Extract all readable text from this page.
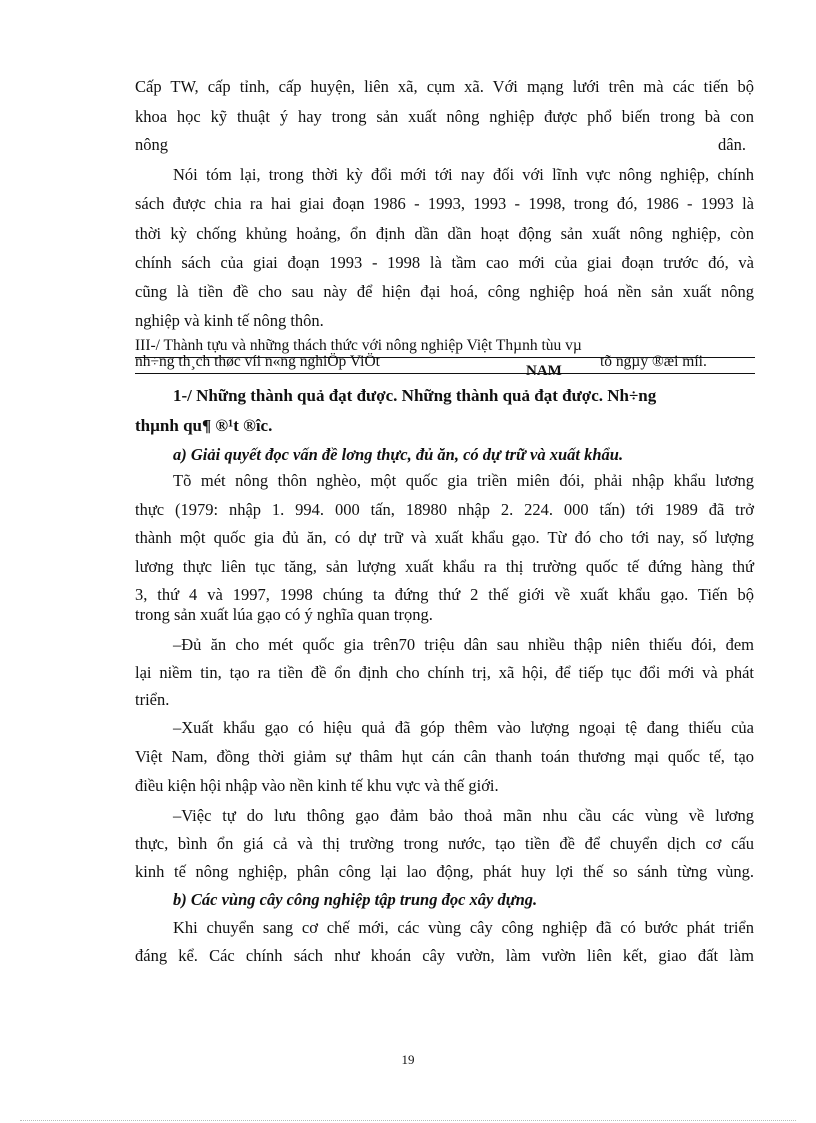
Cấp TW, cấp tỉnh, cấp huyện, liên xã, cụm xã. Với mạng lưới trên mà các tiến bộ
khoa học kỹ thuật ý hay trong sản xuất nông nghiệp được phổ biến trong bà con
nông	dân.
Nói tóm lại, trong thời kỳ đổi mới tới nay đối với lĩnh vực nông nghiệp, chính
sách được chia ra hai giai đoạn 1986 - 1993, 1993 - 1998, trong đó, 1986 - 1993 là
thời kỳ chống khủng hoảng, ổn định dần dần hoạt động sản xuất nông nghiệp, còn
chính sách của giai đoạn 1993 - 1998 là tầm cao mới của giai đoạn trước đó, và
cũng là tiền đề cho sau này để hiện đại hoá, công nghiệp hoá nền sản xuất nông
nghiệp và kinh tế nông thôn.
III-/ Thành tựu và những thách thức với nông nghiệp Việt Thµnh tùu vµ
nh÷ng th¸ch thøc víi n«ng nghiÖp ViÖt
NAM
tõ ngµy ®æi míi.
1-/ Những thành quả đạt được. Những thành quả đạt được. Nh÷ng
thµnh qu¶ ®¹t ®îc.
a) Giải quyết đọc vấn đề lơng thực, đủ ăn, có dự trữ và xuất khẩu.
Tõ mét nông thôn nghèo, một quốc gia triền miên đói, phải nhập khẩu lương
thực (1979: nhập 1. 994. 000 tấn, 18980 nhập 2. 224. 000 tấn) tới 1989 đã trở
thành một quốc gia đủ ăn, có dự trữ và xuất khẩu gạo. Từ đó cho tới nay, số lượng
lương thực liên tục tăng, sản lượng xuất khẩu ra thị trường quốc tế đứng hàng thứ
3, thứ 4 và 1997, 1998 chúng ta đứng thứ 2 thế giới về xuất khẩu gạo. Tiến bộ
trong sản xuất lúa gạo có ý nghĩa quan trọng.
–Đủ ăn cho mét quốc gia trên70 triệu dân sau nhiều thập niên thiếu đói, đem
lại niềm tin, tạo ra tiền đề ổn định cho chính trị, xã hội, để tiếp tục đổi mới và phát
triển.
–Xuất khẩu gạo có hiệu quả đã góp thêm vào lượng ngoại tệ đang thiếu của
Việt Nam, đồng thời giảm sự thâm hụt cán cân thanh toán thương mại quốc tế, tạo
điều kiện hội nhập vào nền kinh tế khu vực và thế giới.
–Việc tự do lưu thông gạo đảm bảo thoả mãn nhu cầu các vùng về lương
thực, bình ổn giá cả và thị trường trong nước, tạo tiền đề để chuyển dịch cơ cấu
kinh tế nông nghiệp, phân công lại lao động, phát huy lợi thế so sánh từng vùng.
b) Các vùng cây công nghiệp tập trung đọc xây dựng.
Khi chuyển sang cơ chế mới, các vùng cây công nghiệp đã có bước phát triển
đáng kể. Các chính sách như khoán cây vườn, làm vườn liên kết, giao đất làm
19
